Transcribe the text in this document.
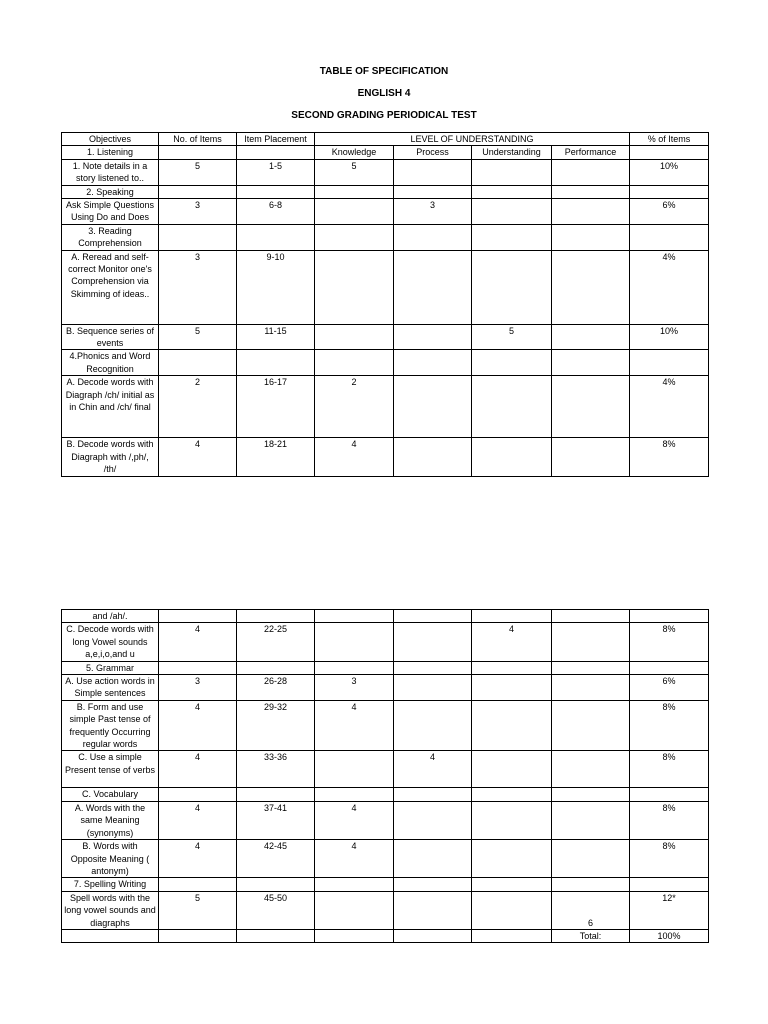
TABLE OF SPECIFICATION
ENGLISH 4
SECOND GRADING PERIODICAL TEST
Objectives	No. of Items	Item Placement	LEVEL OF UNDERSTANDING				% of Items
1. Listening			Knowledge	Process	Understanding	Performance	
1. Note details in a story listened to..	5	1-5	5				10%
2. Speaking							
Ask Simple Questions Using Do and Does	3	6-8		3			6%
3. Reading Comprehension							
A. Reread and self-correct Monitor one's Comprehension via Skimming of ideas..	3	9-10					4%
B. Sequence series of events	5	11-15			5		10%
4.Phonics and Word Recognition							
A. Decode words with Diagraph /ch/ initial as in Chin and /ch/ final	2	16-17	2				4%
B. Decode words with Diagraph with /,ph/, /th/	4	18-21	4				8%
and /ah/.							
C. Decode words with long Vowel sounds a,e,i,o,and u	4	22-25			4		8%
5. Grammar							
A. Use action words in Simple sentences	3	26-28	3				6%
B. Form and use simple Past tense of frequently Occurring regular words	4	29-32	4				8%
C. Use a simple Present tense of verbs	4	33-36		4			8%
C. Vocabulary							
A. Words with the same Meaning (synonyms)	4	37-41	4				8%
B. Words with Opposite Meaning ( antonym)	4	42-45	4				8%
7. Spelling Writing							
Spell words with the long vowel sounds and diagraphs	5	45-50				6	12*
						Total:	100%
